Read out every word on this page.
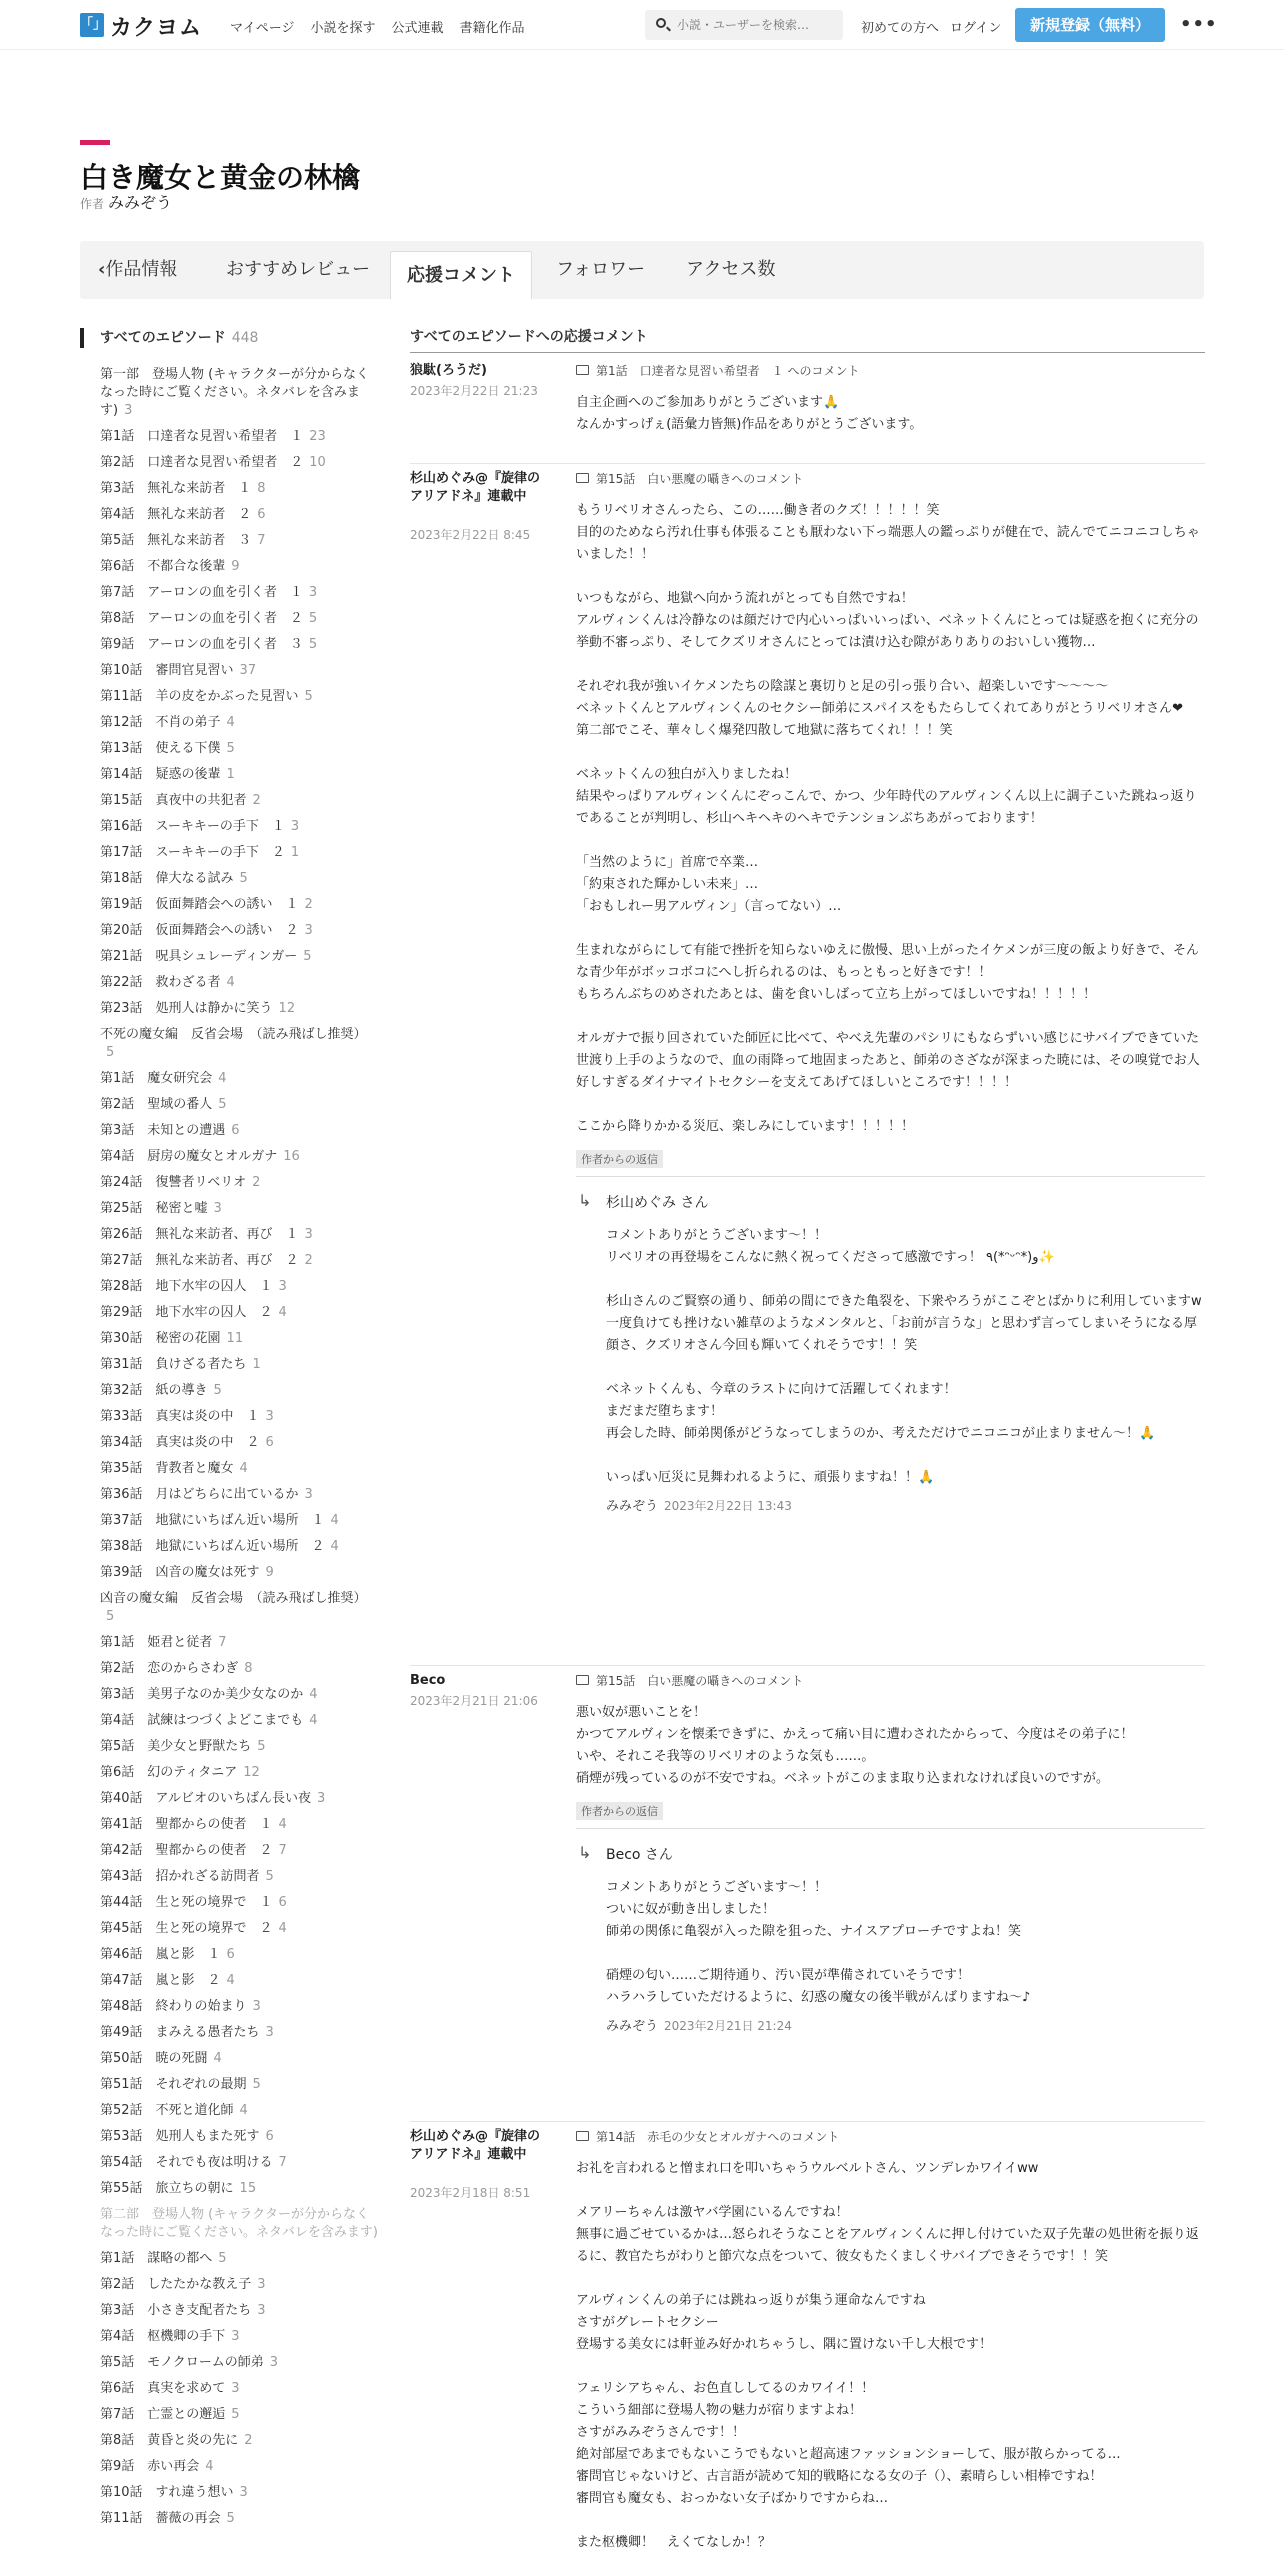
「」 カクヨム マイページ 小説を探す 公式連載 書籍化作品
小説・ユーザーを検索…	初めての方へ ログイン	新規登録（無料）	•••
白き魔女と黄金の林檎
作者 みみぞう
‹作品情報	おすすめレビュー	応援コメント	フォロワー アクセス数
すべてのエピソード 448
第一部　登場人物 (キャラクターが分からなくなった時にご覧ください。ネタバレを含みます) 3
第1話　口達者な見習い希望者　１ 23
第2話　口達者な見習い希望者　２ 10
第3話　無礼な来訪者　１ 8
第4話　無礼な来訪者　２ 6
第5話　無礼な来訪者　３ 7
第6話　不都合な後輩 9
第7話　アーロンの血を引く者　１ 3
第8話　アーロンの血を引く者　２ 5
第9話　アーロンの血を引く者　３ 5
第10話　審問官見習い 37
第11話　羊の皮をかぶった見習い 5
第12話　不肖の弟子 4
第13話　使える下僕 5
第14話　疑惑の後輩 1
第15話　真夜中の共犯者 2
第16話　スーキキーの手下　１ 3
第17話　スーキキーの手下　２ 1
第18話　偉大なる試み 5
第19話　仮面舞踏会への誘い　１ 2
第20話　仮面舞踏会への誘い　２ 3
第21話　呪具シュレーディンガー 5
第22話　救わざる者 4
第23話　処刑人は静かに笑う 12
不死の魔女編　反省会場　（読み飛ばし推奨）5
第1話　魔女研究会 4
第2話　聖域の番人 5
第3話　未知との遭遇 6
第4話　厨房の魔女とオルガナ 16
第24話　復讐者リベリオ 2
第25話　秘密と嘘 3
第26話　無礼な来訪者、再び　１ 3
第27話　無礼な来訪者、再び　２ 2
第28話　地下水牢の囚人　１ 3
第29話　地下水牢の囚人　２ 4
第30話　秘密の花園 11
第31話　負けざる者たち 1
第32話　紙の導き 5
第33話　真実は炎の中　１ 3
第34話　真実は炎の中　２ 6
第35話　背教者と魔女 4
第36話　月はどちらに出ているか 3
第37話　地獄にいちばん近い場所　１ 4
第38話　地獄にいちばん近い場所　２ 4
第39話　凶音の魔女は死す 9
凶音の魔女編　反省会場　（読み飛ばし推奨）5
第1話　姫君と従者 7
第2話　恋のからさわぎ 8
第3話　美男子なのか美少女なのか 4
第4話　試練はつづくよどこまでも 4
第5話　美少女と野獣たち 5
第6話　幻のティタニア 12
第40話　アルビオのいちばん長い夜 3
第41話　聖都からの使者　１ 4
第42話　聖都からの使者　２ 7
第43話　招かれざる訪問者 5
第44話　生と死の境界で　１ 6
第45話　生と死の境界で　２ 4
第46話　嵐と影　１ 6
第47話　嵐と影　２ 4
第48話　終わりの始まり 3
第49話　まみえる愚者たち 3
第50話　暁の死闘 4
第51話　それぞれの最期 5
第52話　不死と道化師 4
第53話　処刑人もまた死す 6
第54話　それでも夜は明ける 7
第55話　旅立ちの朝に 15
第二部　登場人物 (キャラクターが分からなくなった時にご覧ください。ネタバレを含みます)
第1話　謀略の都へ 5
第2話　したたかな教え子 3
第3話　小さき支配者たち 3
第4話　枢機卿の手下 3
第5話　モノクロームの師弟 3
第6話　真実を求めて 3
第7話　亡霊との邂逅 5
第8話　黄昏と炎の先に 2
第9話　赤い再会 4
第10話　すれ違う想い 3
第11話　薔薇の再会 5
すべてのエピソードへの応援コメント
狼駄(ろうだ)
2023年2月22日 21:23
第1話　口達者な見習い希望者　１ へのコメント
自主企画へのご参加ありがとうございます🙏
なんかすっげぇ(語彙力皆無)作品をありがとうございます。
杉山めぐみ@『旋律のアリアドネ』連載中
2023年2月22日 8:45
第15話　白い悪魔の囁きへのコメント
もうリベリオさんったら、この……働き者のクズ！！！！！笑
目的のためなら汚れ仕事も体張ることも厭わない下っ端悪人の鑑っぷりが健在で、読んでてニコニコしちゃいました！！

いつもながら、地獄へ向かう流れがとっても自然ですね！
アルヴィンくんは冷静なのは顔だけで内心いっぱいいっぱい、ベネットくんにとっては疑惑を抱くに充分の挙動不審っぷり、そしてクズリオさんにとっては漬け込む隙がありありのおいしい獲物…

それぞれ我が強いイケメンたちの陰謀と裏切りと足の引っ張り合い、超楽しいです～～～～
ベネットくんとアルヴィンくんのセクシー師弟にスパイスをもたらしてくれてありがとうリベリオさん❤
第二部でこそ、華々しく爆発四散して地獄に落ちてくれ！！！笑

ベネットくんの独白が入りましたね！
結果やっぱりアルヴィンくんにぞっこんで、かつ、少年時代のアルヴィンくん以上に調子こいた跳ねっ返りであることが判明し、杉山ヘキヘキのヘキでテンションぶちあがっております！

「当然のように」首席で卒業…
「約束された輝かしい未来」…
「おもしれー男アルヴィン」（言ってない）…

生まれながらにして有能で挫折を知らないゆえに傲慢、思い上がったイケメンが三度の飯より好きで、そんな青少年がボッコボコにへし折られるのは、もっともっと好きです！！
もちろんぶちのめされたあとは、歯を食いしばって立ち上がってほしいですね！！！！！

オルガナで振り回されていた師匠に比べて、やべえ先輩のパシリにもならずいい感じにサバイブできていた世渡り上手のようなので、血の雨降って地固まったあと、師弟のさざなが深まった暁には、その嗅覚でお人好しすぎるダイナマイトセクシーを支えてあげてほしいところです！！！！

ここから降りかかる災厄、楽しみにしています！！！！！
作者からの返信
↳ 杉山めぐみ さん
コメントありがとうございます～！！
リベリオの再登場をこんなに熱く祝ってくださって感激ですっ！ ٩(*ᵔᵕᵔ*)و✨

杉山さんのご賢察の通り、師弟の間にできた亀裂を、下衆やろうがここぞとばかりに利用していますw
一度負けても挫けない雑草のようなメンタルと、「お前が言うな」と思わず言ってしまいそうになる厚顔さ、クズリオさん今回も輝いてくれそうです！！笑

ベネットくんも、今章のラストに向けて活躍してくれます！
まだまだ堕ちます！
再会した時、師弟関係がどうなってしまうのか、考えただけでニコニコが止まりません～！🙏

いっぱい厄災に見舞われるように、頑張りますね！！🙏
みみぞう 2023年2月22日 13:43
Beco
2023年2月21日 21:06
第15話　白い悪魔の囁きへのコメント
悪い奴が悪いことを！
かつてアルヴィンを懐柔できずに、かえって痛い目に遭わされたからって、今度はその弟子に！
いや、それこそ我等のリベリオのような気も……。
硝煙が残っているのが不安ですね。ベネットがこのまま取り込まれなければ良いのですが。
作者からの返信
↳ Beco さん
コメントありがとうございます～！！
ついに奴が動き出しました！
師弟の関係に亀裂が入った隙を狙った、ナイスアプローチですよね！笑

硝煙の匂い……ご期待通り、汚い罠が準備されていそうです！
ハラハラしていただけるように、幻惑の魔女の後半戦がんばりますね～♪
みみぞう 2023年2月21日 21:24
杉山めぐみ@『旋律のアリアドネ』連載中
2023年2月18日 8:51
第14話　赤毛の少女とオルガナへのコメント
お礼を言われると憎まれ口を叩いちゃうウルベルトさん、ツンデレかワイイww

メアリーちゃんは激ヤバ学園にいるんですね！
無事に過ごせているかは…怒られそうなことをアルヴィンくんに押し付けていた双子先輩の処世術を振り返るに、教官たちがわりと節穴な点をついて、彼女もたくましくサバイブできそうです！！笑

アルヴィンくんの弟子には跳ねっ返りが集う運命なんですね
さすがグレートセクシー
登場する美女には軒並み好かれちゃうし、隅に置けない千し大根です！

フェリシアちゃん、お色直ししてるのカワイイ！！
こういう細部に登場人物の魅力が宿りますよね！
さすがみみぞうさんです！！
絶対部屋であまでもないこうでもないと超高速ファッションショーして、服が散らかってる…
審問官じゃないけど、古言語が読めて知的戦略になる女の子（）、素晴らしい相棒ですね！
審問官も魔女も、おっかない女子ばかりですからね…

また枢機卿！　えくてなしか！？
